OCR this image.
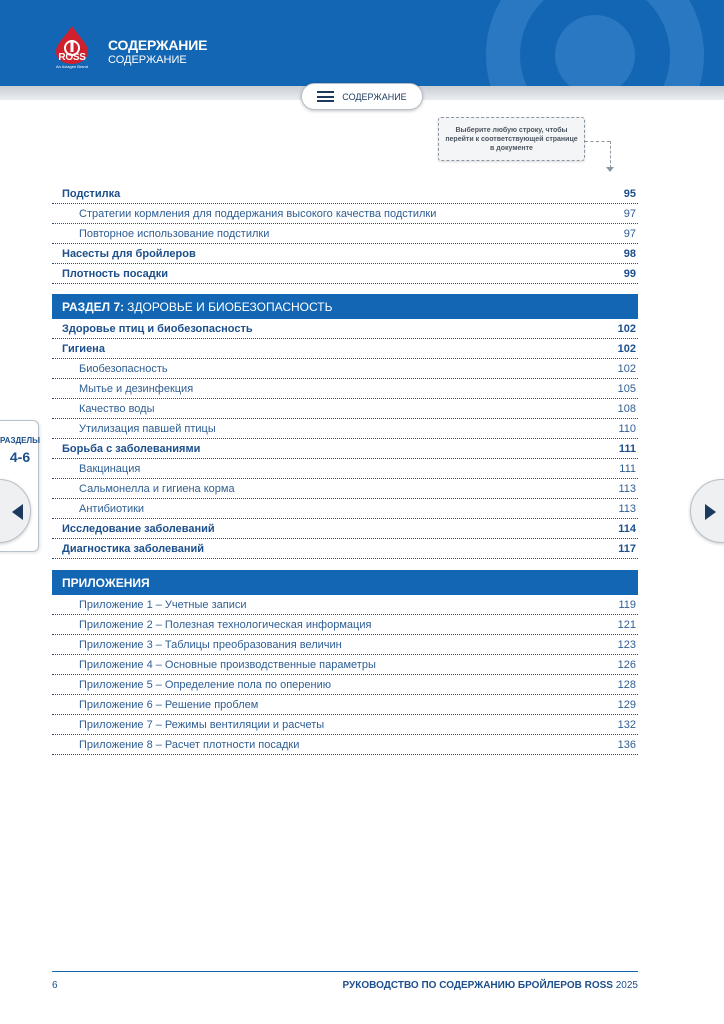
ROSS
An Aviagen Brand
СОДЕРЖАНИЕ
СОДЕРЖАНИЕ
СОДЕРЖАНИЕ
Выберите любую строку, чтобы перейти к соответствующей странице в документе
Подстилка	95
Стратегии кормления для поддержания высокого качества подстилки	97
Повторное использование подстилки	97
Насесты для бройлеров	98
Плотность посадки	99
РАЗДЕЛ 7: ЗДОРОВЬЕ И БИОБЕЗОПАСНОСТЬ
Здоровье птиц и биобезопасность	102
Гигиена	102
Биобезопасность	102
Мытье и дезинфекция	105
Качество воды	108
Утилизация павшей птицы	110
Борьба с заболеваниями	111
Вакцинация	111
Сальмонелла и гигиена корма	113
Антибиотики	113
Исследование заболеваний	114
Диагностика заболеваний	117
ПРИЛОЖЕНИЯ
Приложение 1 – Учетные записи	119
Приложение 2 – Полезная технологическая информация	121
Приложение 3 – Таблицы преобразования величин	123
Приложение 4 – Основные производственные параметры	126
Приложение 5 – Определение пола по оперению	128
Приложение 6 – Решение проблем	129
Приложение 7 – Режимы вентиляции и расчеты	132
Приложение 8 – Расчет плотности посадки	136
РАЗДЕЛЫ
4-6
6	РУКОВОДСТВО ПО СОДЕРЖАНИЮ БРОЙЛЕРОВ ROSS 2025
